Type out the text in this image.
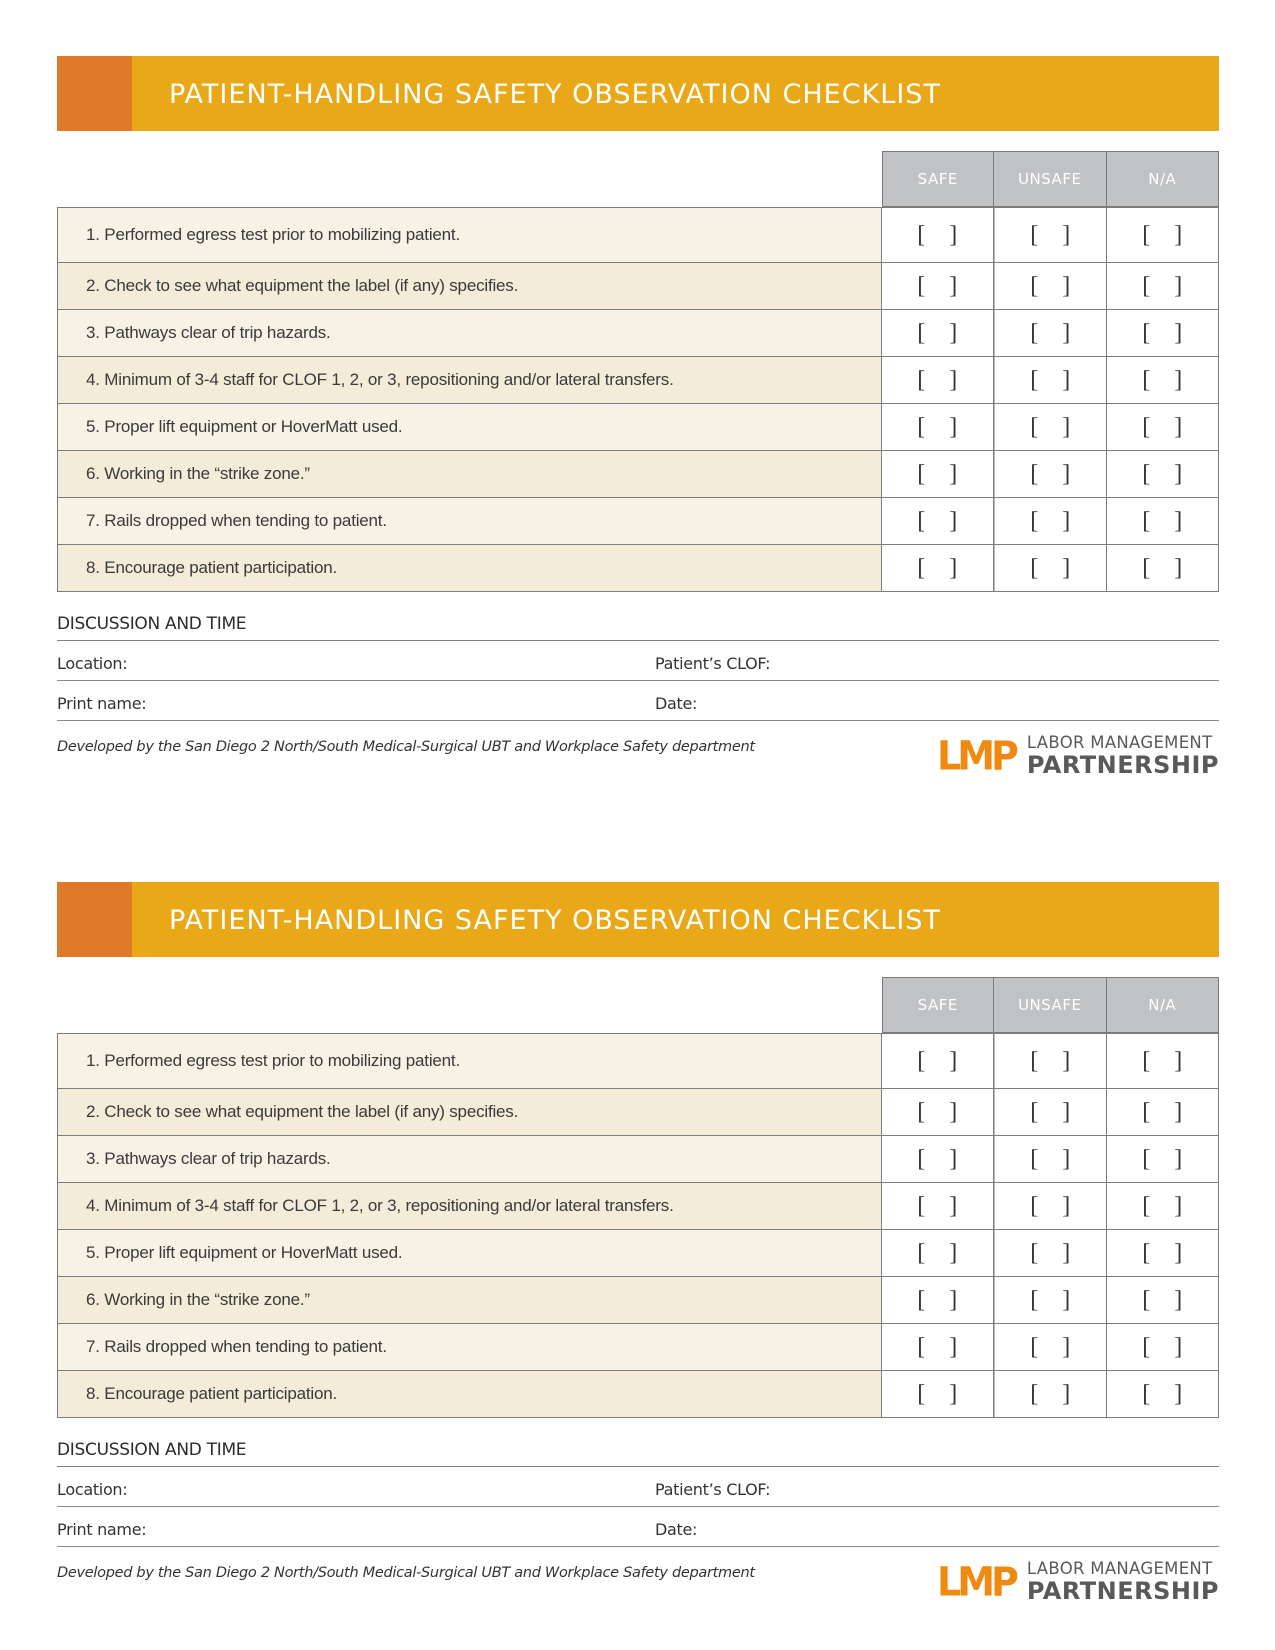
PATIENT-HANDLING SAFETY OBSERVATION CHECKLIST
SAFE	UNSAFE	N/A
1. Performed egress test prior to mobilizing patient.	[ ]	[ ]	[ ]
2. Check to see what equipment the label (if any) specifies.	[ ]	[ ]	[ ]
3. Pathways clear of trip hazards.	[ ]	[ ]	[ ]
4. Minimum of 3-4 staff for CLOF 1, 2, or 3, repositioning and/or lateral transfers.	[ ]	[ ]	[ ]
5. Proper lift equipment or HoverMatt used.	[ ]	[ ]	[ ]
6. Working in the “strike zone.”	[ ]	[ ]	[ ]
7. Rails dropped when tending to patient.	[ ]	[ ]	[ ]
8. Encourage patient participation.	[ ]	[ ]	[ ]
DISCUSSION AND TIME
Location:	Patient’s CLOF:
Print name:	Date:
Developed by the San Diego 2 North/South Medical-Surgical UBT and Workplace Safety department	LMP LABOR MANAGEMENT
PARTNERSHIP
PATIENT-HANDLING SAFETY OBSERVATION CHECKLIST
SAFE	UNSAFE	N/A
1. Performed egress test prior to mobilizing patient.	[ ]	[ ]	[ ]
2. Check to see what equipment the label (if any) specifies.	[ ]	[ ]	[ ]
3. Pathways clear of trip hazards.	[ ]	[ ]	[ ]
4. Minimum of 3-4 staff for CLOF 1, 2, or 3, repositioning and/or lateral transfers.	[ ]	[ ]	[ ]
5. Proper lift equipment or HoverMatt used.	[ ]	[ ]	[ ]
6. Working in the “strike zone.”	[ ]	[ ]	[ ]
7. Rails dropped when tending to patient.	[ ]	[ ]	[ ]
8. Encourage patient participation.	[ ]	[ ]	[ ]
DISCUSSION AND TIME
Location:	Patient’s CLOF:
Print name:	Date:
Developed by the San Diego 2 North/South Medical-Surgical UBT and Workplace Safety department	LMP LABOR MANAGEMENT
PARTNERSHIP
